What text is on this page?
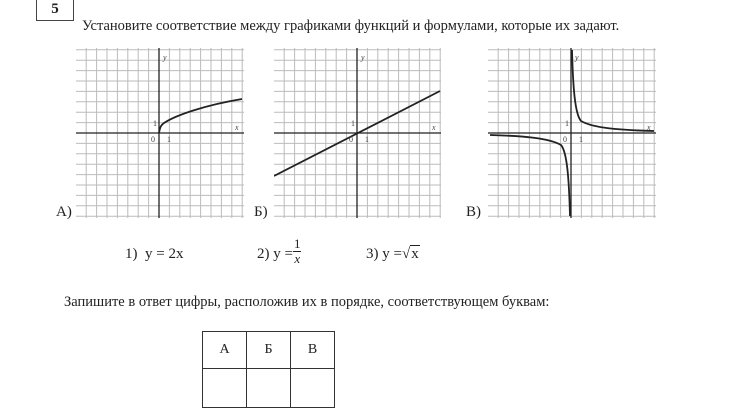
5
Установите соответствие между графиками функций и формулами, которые их задают.
y
x
0 1
1
А)
y
x
0 1
1
Б)
y
x
0 1
1
В)
1) y = 2x	2) $y = \frac{1}{x}$	3) y =√x
Запишите в ответ цифры, расположив их в порядке, соответствующем буквам:
А	Б	В
